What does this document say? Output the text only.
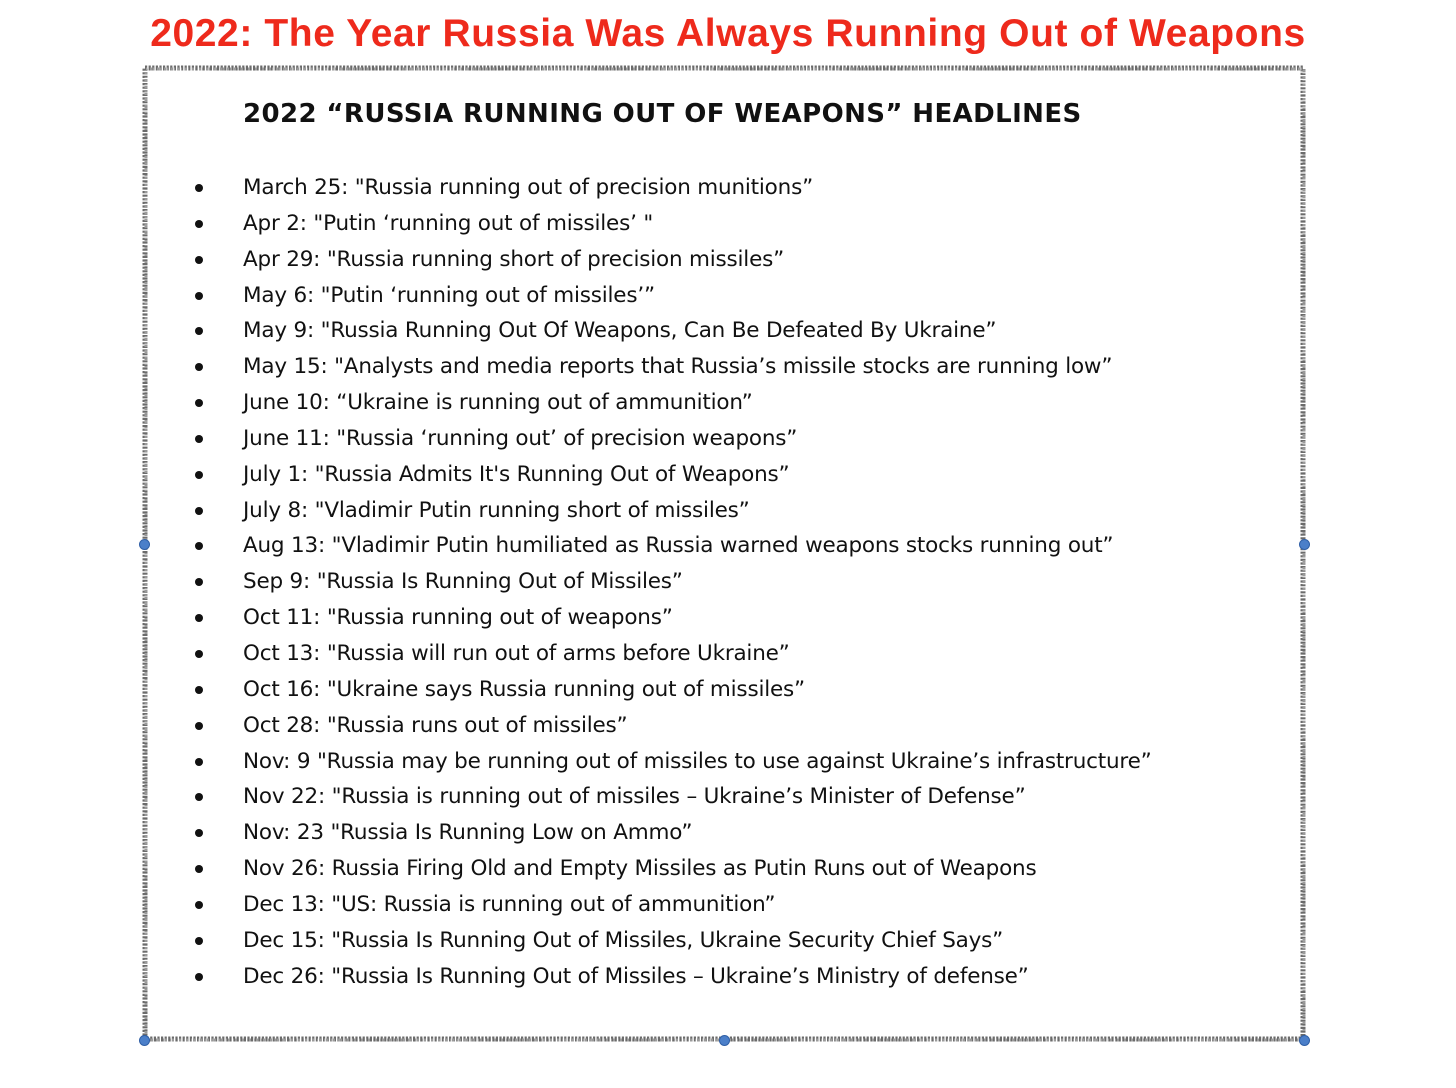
2022: The Year Russia Was Always Running Out of Weapons
2022 “RUSSIA RUNNING OUT OF WEAPONS” HEADLINES
March 25: "Russia running out of precision munitions”
Apr 2: "Putin ‘running out of missiles’ "
Apr 29: "Russia running short of precision missiles”
May 6: "Putin ‘running out of missiles’”
May 9: "Russia Running Out Of Weapons, Can Be Defeated By Ukraine”
May 15: "Analysts and media reports that Russia’s missile stocks are running low”
June 10: “Ukraine is running out of ammunition”
June 11: "Russia ‘running out’ of precision weapons”
July 1: "Russia Admits It's Running Out of Weapons”
July 8: "Vladimir Putin running short of missiles”
Aug 13: "Vladimir Putin humiliated as Russia warned weapons stocks running out”
Sep 9: "Russia Is Running Out of Missiles”
Oct 11: "Russia running out of weapons”
Oct 13: "Russia will run out of arms before Ukraine”
Oct 16: "Ukraine says Russia running out of missiles”
Oct 28: "Russia runs out of missiles”
Nov: 9 "Russia may be running out of missiles to use against Ukraine’s infrastructure”
Nov 22: "Russia is running out of missiles – Ukraine’s Minister of Defense”
Nov: 23 "Russia Is Running Low on Ammo”
Nov 26: Russia Firing Old and Empty Missiles as Putin Runs out of Weapons
Dec 13: "US: Russia is running out of ammunition”
Dec 15: "Russia Is Running Out of Missiles, Ukraine Security Chief Says”
Dec 26: "Russia Is Running Out of Missiles – Ukraine’s Ministry of defense”
